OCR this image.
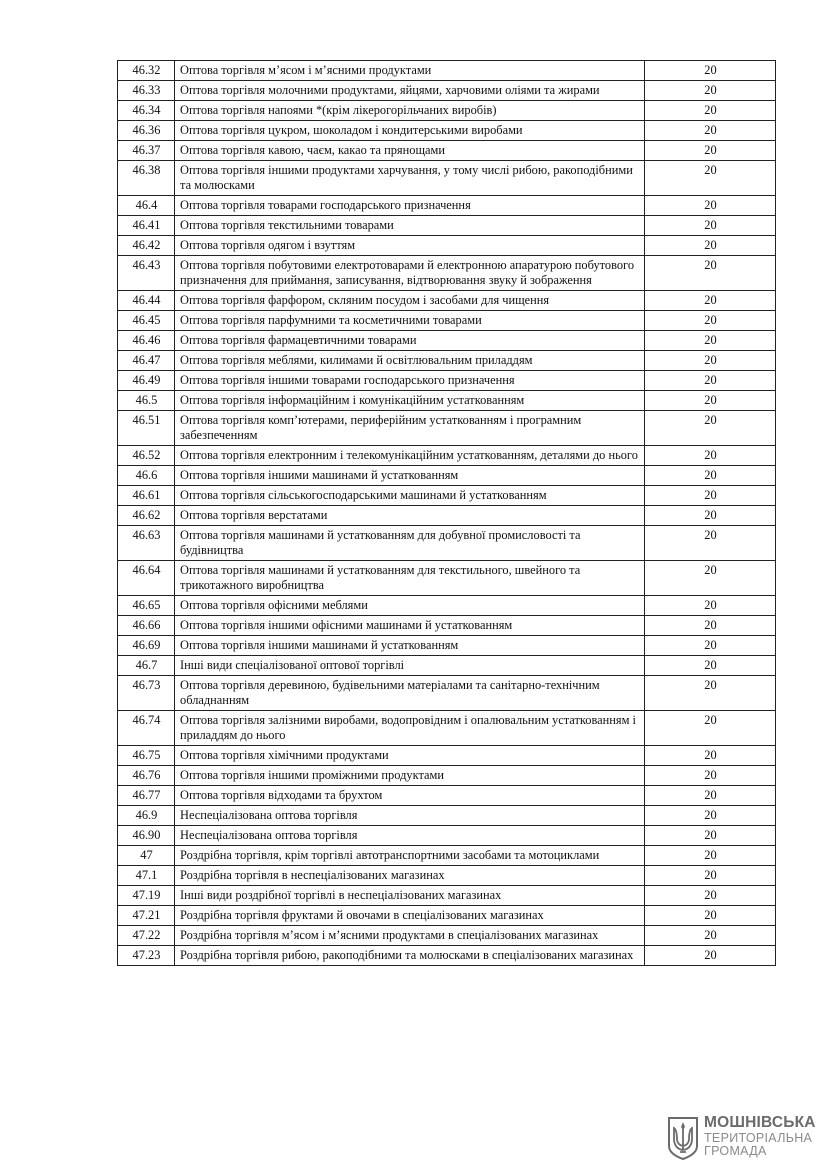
46.32	Оптова торгівля м’ясом і м’ясними продуктами	20
46.33	Оптова торгівля молочними продуктами, яйцями, харчовими оліями та жирами	20
46.34	Оптова торгівля напоями *(крім лікерогорільчаних виробів)	20
46.36	Оптова торгівля цукром, шоколадом і кондитерськими виробами	20
46.37	Оптова торгівля кавою, чаєм, какао та прянощами	20
46.38	Оптова торгівля іншими продуктами харчування, у тому числі рибою, ракоподібними та молюсками	20
46.4	Оптова торгівля товарами господарського призначення	20
46.41	Оптова торгівля текстильними товарами	20
46.42	Оптова торгівля одягом і взуттям	20
46.43	Оптова торгівля побутовими електротоварами й електронною апаратурою побутового призначення для приймання, записування, відтворювання звуку й зображення	20
46.44	Оптова торгівля фарфором, скляним посудом і засобами для чищення	20
46.45	Оптова торгівля парфумними та косметичними товарами	20
46.46	Оптова торгівля фармацевтичними товарами	20
46.47	Оптова торгівля меблями, килимами й освітлювальним приладдям	20
46.49	Оптова торгівля іншими товарами господарського призначення	20
46.5	Оптова торгівля інформаційним і комунікаційним устаткованням	20
46.51	Оптова торгівля комп’ютерами, периферійним устаткованням і програмним забезпеченням	20
46.52	Оптова торгівля електронним і телекомунікаційним устаткованням, деталями до нього	20
46.6	Оптова торгівля іншими машинами й устаткованням	20
46.61	Оптова торгівля сільськогосподарськими машинами й устаткованням	20
46.62	Оптова торгівля верстатами	20
46.63	Оптова торгівля машинами й устаткованням для добувної промисловості та будівництва	20
46.64	Оптова торгівля машинами й устаткованням для текстильного, швейного та трикотажного виробництва	20
46.65	Оптова торгівля офісними меблями	20
46.66	Оптова торгівля іншими офісними машинами й устаткованням	20
46.69	Оптова торгівля іншими машинами й устаткованням	20
46.7	Інші види спеціалізованої оптової торгівлі	20
46.73	Оптова торгівля деревиною, будівельними матеріалами та санітарно-технічним обладнанням	20
46.74	Оптова торгівля залізними виробами, водопровідним і опалювальним устаткованням і приладдям до нього	20
46.75	Оптова торгівля хімічними продуктами	20
46.76	Оптова торгівля іншими проміжними продуктами	20
46.77	Оптова торгівля відходами та брухтом	20
46.9	Неспеціалізована оптова торгівля	20
46.90	Неспеціалізована оптова торгівля	20
47	Роздрібна торгівля, крім торгівлі автотранспортними засобами та мотоциклами	20
47.1	Роздрібна торгівля в неспеціалізованих магазинах	20
47.19	Інші види роздрібної торгівлі в неспеціалізованих магазинах	20
47.21	Роздрібна торгівля фруктами й овочами в спеціалізованих магазинах	20
47.22	Роздрібна торгівля м’ясом і м’ясними продуктами в спеціалізованих магазинах	20
47.23	Роздрібна торгівля рибою, ракоподібними та молюсками в спеціалізованих магазинах	20
МОШНІВСЬКА
ТЕРИТОРІАЛЬНА
ГРОМАДА
